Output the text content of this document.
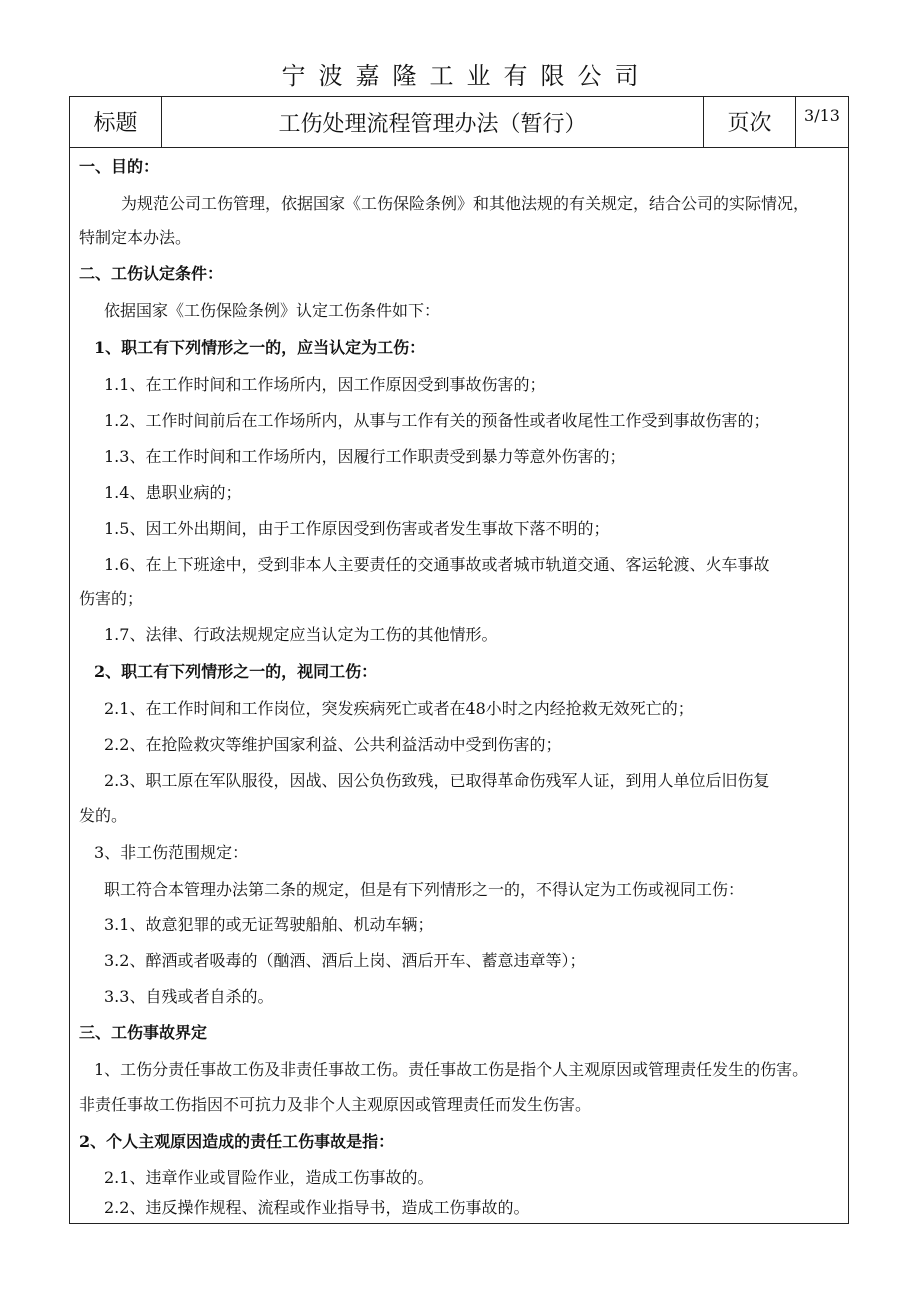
宁波嘉隆工业有限公司
标题	工伤处理流程管理办法（暂行）	页次	3/13
一、目的：
为规范公司工伤管理，依据国家《工伤保险条例》和其他法规的有关规定，结合公司的实际情况，
特制定本办法。
二、工伤认定条件：
依据国家《工伤保险条例》认定工伤条件如下：
1、职工有下列情形之一的，应当认定为工伤：
1.1、在工作时间和工作场所内，因工作原因受到事故伤害的；
1.2、工作时间前后在工作场所内，从事与工作有关的预备性或者收尾性工作受到事故伤害的；
1.3、在工作时间和工作场所内，因履行工作职责受到暴力等意外伤害的；
1.4、患职业病的；
1.5、因工外出期间，由于工作原因受到伤害或者发生事故下落不明的；
1.6、在上下班途中，受到非本人主要责任的交通事故或者城市轨道交通、客运轮渡、火车事故
伤害的；
1.7、法律、行政法规规定应当认定为工伤的其他情形。
2、职工有下列情形之一的，视同工伤：
2.1、在工作时间和工作岗位，突发疾病死亡或者在48小时之内经抢救无效死亡的；
2.2、在抢险救灾等维护国家利益、公共利益活动中受到伤害的；
2.3、职工原在军队服役，因战、因公负伤致残，已取得革命伤残军人证，到用人单位后旧伤复
发的。
3、非工伤范围规定：
职工符合本管理办法第二条的规定，但是有下列情形之一的，不得认定为工伤或视同工伤：
3.1、故意犯罪的或无证驾驶船舶、机动车辆；
3.2、醉酒或者吸毒的（酗酒、酒后上岗、酒后开车、蓄意违章等）；
3.3、自残或者自杀的。
三、工伤事故界定
1、工伤分责任事故工伤及非责任事故工伤。责任事故工伤是指个人主观原因或管理责任发生的伤害。
非责任事故工伤指因不可抗力及非个人主观原因或管理责任而发生伤害。
2、个人主观原因造成的责任工伤事故是指：
2.1、违章作业或冒险作业，造成工伤事故的。
2.2、违反操作规程、流程或作业指导书，造成工伤事故的。
